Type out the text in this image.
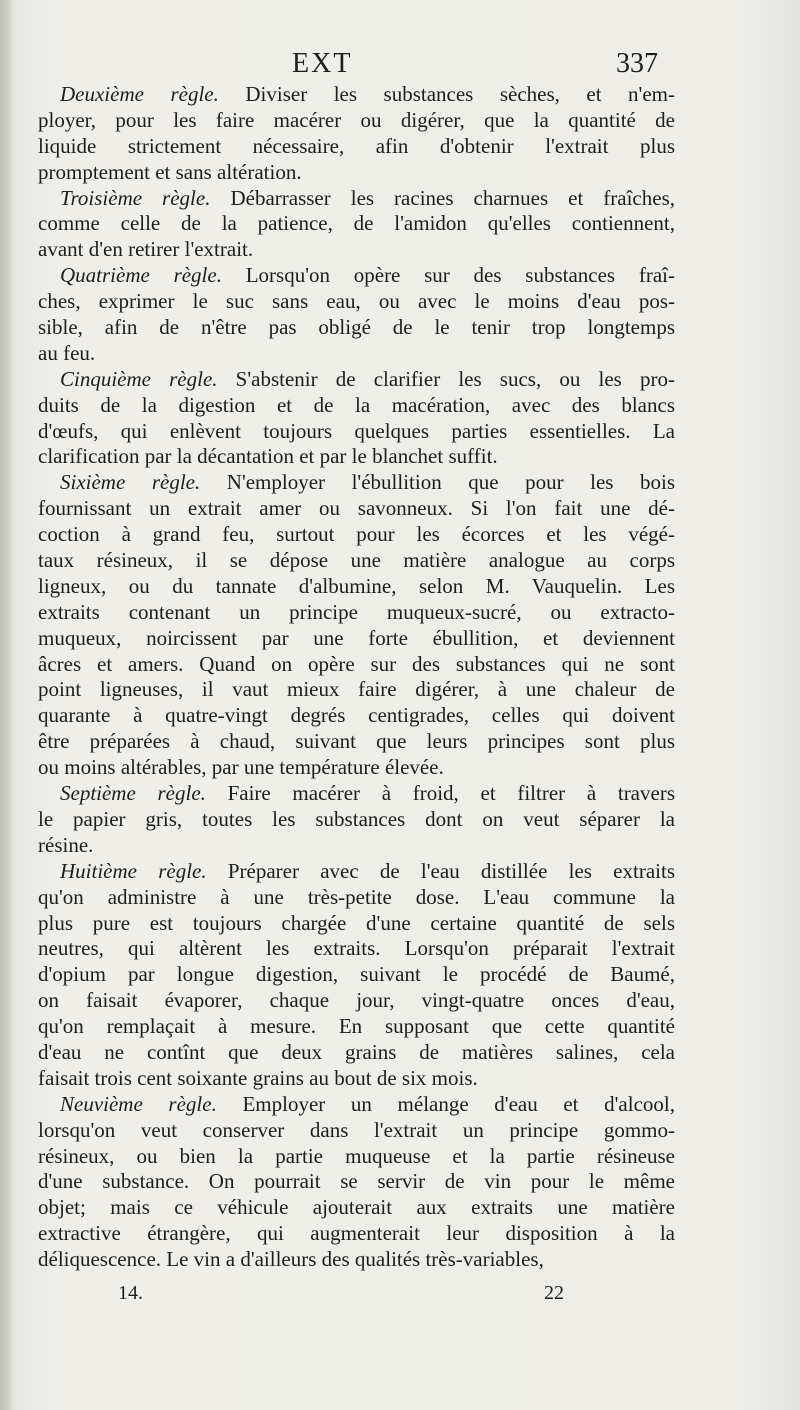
EXT	337
Deuxième règle. Diviser les substances sèches, et n'em-
ployer, pour les faire macérer ou digérer, que la quantité de
liquide strictement nécessaire, afin d'obtenir l'extrait plus
promptement et sans altération.
Troisième règle. Débarrasser les racines charnues et fraîches,
comme celle de la patience, de l'amidon qu'elles contiennent,
avant d'en retirer l'extrait.
Quatrième règle. Lorsqu'on opère sur des substances fraî-
ches, exprimer le suc sans eau, ou avec le moins d'eau pos-
sible, afin de n'être pas obligé de le tenir trop longtemps
au feu.
Cinquième règle. S'abstenir de clarifier les sucs, ou les pro-
duits de la digestion et de la macération, avec des blancs
d'œufs, qui enlèvent toujours quelques parties essentielles. La
clarification par la décantation et par le blanchet suffit.
Sixième règle. N'employer l'ébullition que pour les bois
fournissant un extrait amer ou savonneux. Si l'on fait une dé-
coction à grand feu, surtout pour les écorces et les végé-
taux résineux, il se dépose une matière analogue au corps
ligneux, ou du tannate d'albumine, selon M. Vauquelin. Les
extraits contenant un principe muqueux-sucré, ou extracto-
muqueux, noircissent par une forte ébullition, et deviennent
âcres et amers. Quand on opère sur des substances qui ne sont
point ligneuses, il vaut mieux faire digérer, à une chaleur de
quarante à quatre-vingt degrés centigrades, celles qui doivent
être préparées à chaud, suivant que leurs principes sont plus
ou moins altérables, par une température élevée.
Septième règle. Faire macérer à froid, et filtrer à travers
le papier gris, toutes les substances dont on veut séparer la
résine.
Huitième règle. Préparer avec de l'eau distillée les extraits
qu'on administre à une très-petite dose. L'eau commune la
plus pure est toujours chargée d'une certaine quantité de sels
neutres, qui altèrent les extraits. Lorsqu'on préparait l'extrait
d'opium par longue digestion, suivant le procédé de Baumé,
on faisait évaporer, chaque jour, vingt-quatre onces d'eau,
qu'on remplaçait à mesure. En supposant que cette quantité
d'eau ne contînt que deux grains de matières salines, cela
faisait trois cent soixante grains au bout de six mois.
Neuvième règle. Employer un mélange d'eau et d'alcool,
lorsqu'on veut conserver dans l'extrait un principe gommo-
résineux, ou bien la partie muqueuse et la partie résineuse
d'une substance. On pourrait se servir de vin pour le même
objet; mais ce véhicule ajouterait aux extraits une matière
extractive étrangère, qui augmenterait leur disposition à la
déliquescence. Le vin a d'ailleurs des qualités très-variables,
14.	22
